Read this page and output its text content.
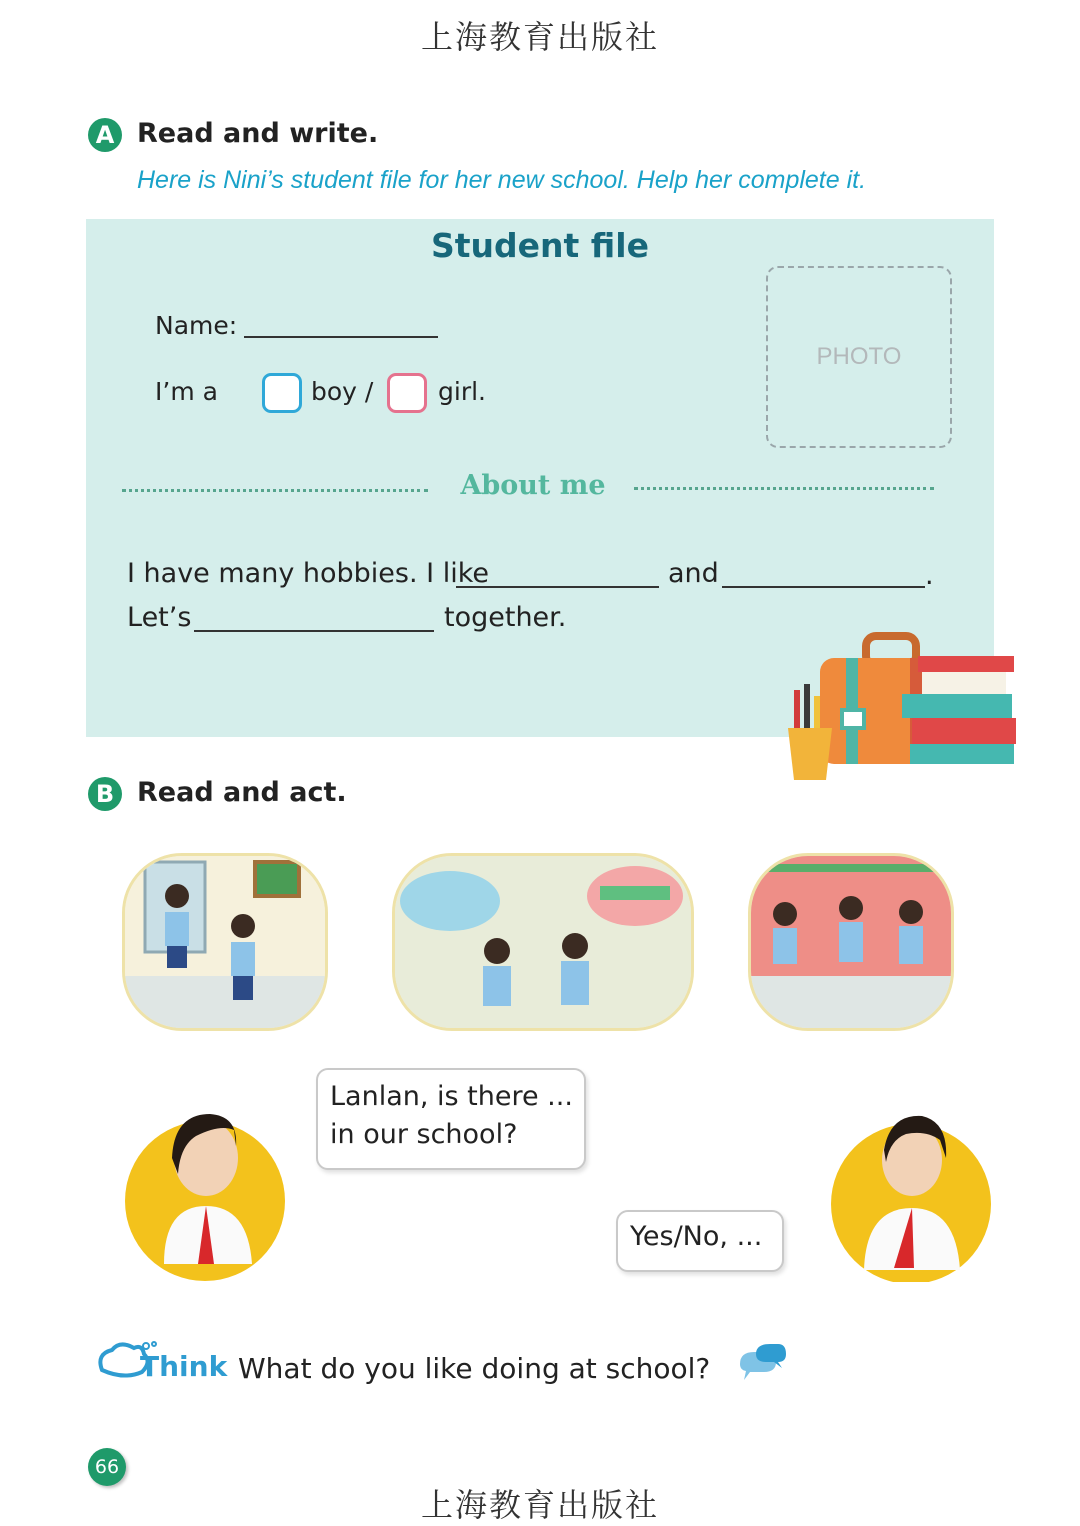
上海教育出版社
A Read and write.
Here is Nini’s student file for her new school. Help her complete it.
Student file
Name:
I’m a	boy /	girl.
PHOTO
About me
I have many hobbies. I like	and	.
Let’s	together.
B Read and act.
Lanlan, is there ...
in our school?
Yes/No, ...
Think What do you like doing at school?
66
上海教育出版社
